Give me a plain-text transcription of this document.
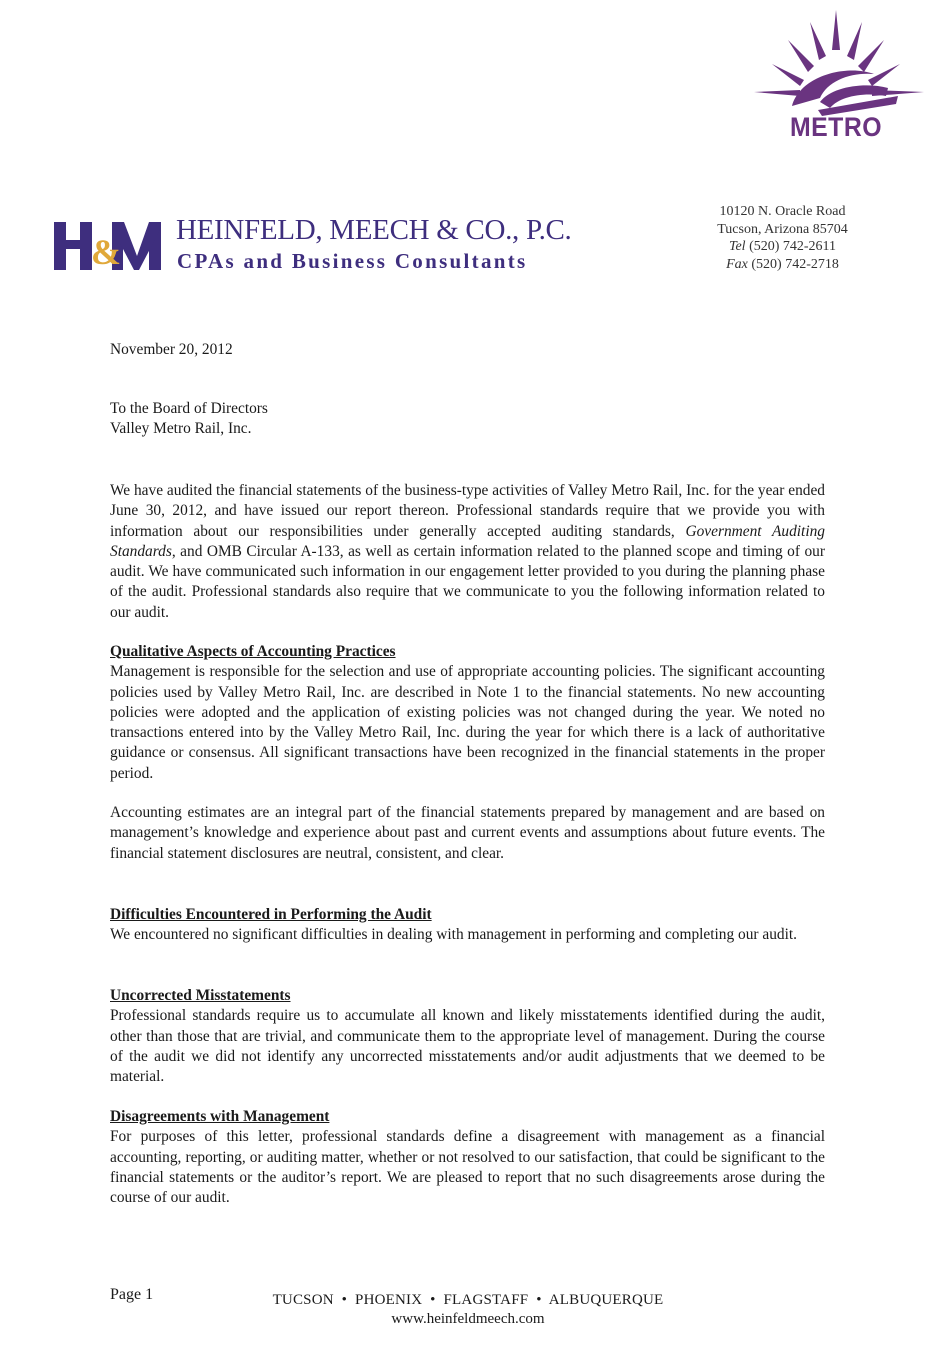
METRO
&
HEINFELD, MEECH & CO., P.C.
CPAs and Business Consultants
10120 N. Oracle Road
Tucson, Arizona 85704
Tel (520) 742-2611
Fax (520) 742-2718
November 20, 2012
To the Board of Directors
Valley Metro Rail, Inc.
We have audited the financial statements of the business-type activities of Valley Metro Rail, Inc. for the year ended June 30, 2012, and have issued our report thereon. Professional standards require that we provide you with information about our responsibilities under generally accepted auditing standards, Government Auditing Standards, and OMB Circular A-133, as well as certain information related to the planned scope and timing of our audit. We have communicated such information in our engagement letter provided to you during the planning phase of the audit. Professional standards also require that we communicate to you the following information related to our audit.
Qualitative Aspects of Accounting Practices
Management is responsible for the selection and use of appropriate accounting policies. The significant accounting policies used by Valley Metro Rail, Inc. are described in Note 1 to the financial statements. No new accounting policies were adopted and the application of existing policies was not changed during the year. We noted no transactions entered into by the Valley Metro Rail, Inc. during the year for which there is a lack of authoritative guidance or consensus. All significant transactions have been recognized in the financial statements in the proper period.
Accounting estimates are an integral part of the financial statements prepared by management and are based on management’s knowledge and experience about past and current events and assumptions about future events. The financial statement disclosures are neutral, consistent, and clear.
Difficulties Encountered in Performing the Audit
We encountered no significant difficulties in dealing with management in performing and completing our audit.
Uncorrected Misstatements
Professional standards require us to accumulate all known and likely misstatements identified during the audit, other than those that are trivial, and communicate them to the appropriate level of management. During the course of the audit we did not identify any uncorrected misstatements and/or audit adjustments that we deemed to be material.
Disagreements with Management
For purposes of this letter, professional standards define a disagreement with management as a financial accounting, reporting, or auditing matter, whether or not resolved to our satisfaction, that could be significant to the financial statements or the auditor’s report. We are pleased to report that no such disagreements arose during the course of our audit.
Page 1	TUCSON  •  PHOENIX  •  FLAGSTAFF  •  ALBUQUERQUE
www.heinfeldmeech.com
